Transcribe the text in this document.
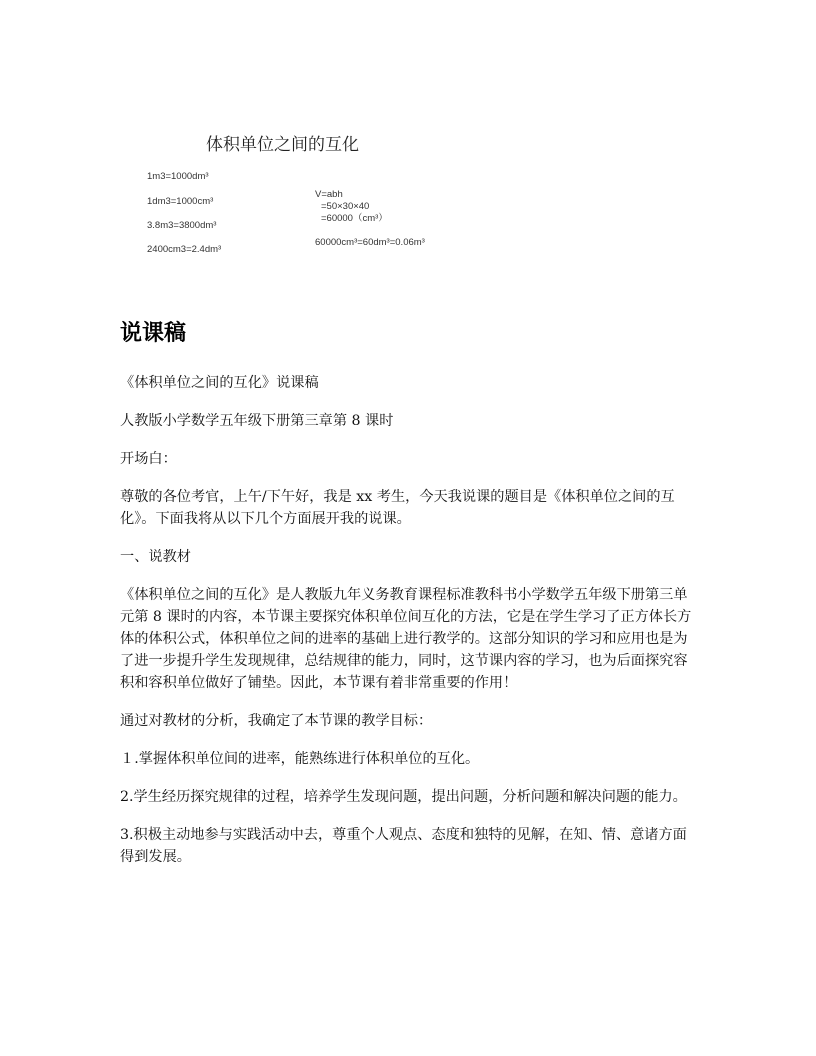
体积单位之间的互化
1m3=1000dm³
1dm3=1000cm³
3.8m3=3800dm³
2400cm3=2.4dm³
V=abh
=50×30×40
=60000（cm³）
60000cm³=60dm³=0.06m³
说课稿

《体积单位之间的互化》说课稿

人教版小学数学五年级下册第三章第 8 课时

开场白：

尊敬的各位考官，上午/下午好，我是 xx 考生，今天我说课的题目是《体积单位之间的互化》。下面我将从以下几个方面展开我的说课。

一、说教材

《体积单位之间的互化》是人教版九年义务教育课程标准教科书小学数学五年级下册第三单元第 8 课时的内容，本节课主要探究体积单位间互化的方法，它是在学生学习了正方体长方体的体积公式，体积单位之间的进率的基础上进行教学的。这部分知识的学习和应用也是为了进一步提升学生发现规律，总结规律的能力，同时，这节课内容的学习，也为后面探究容积和容积单位做好了铺垫。因此，本节课有着非常重要的作用！

通过对教材的分析，我确定了本节课的教学目标：

１.掌握体积单位间的进率，能熟练进行体积单位的互化。

2.学生经历探究规律的过程，培养学生发现问题，提出问题，分析问题和解决问题的能力。

3.积极主动地参与实践活动中去，尊重个人观点、态度和独特的见解，在知、情、意诸方面得到发展。
